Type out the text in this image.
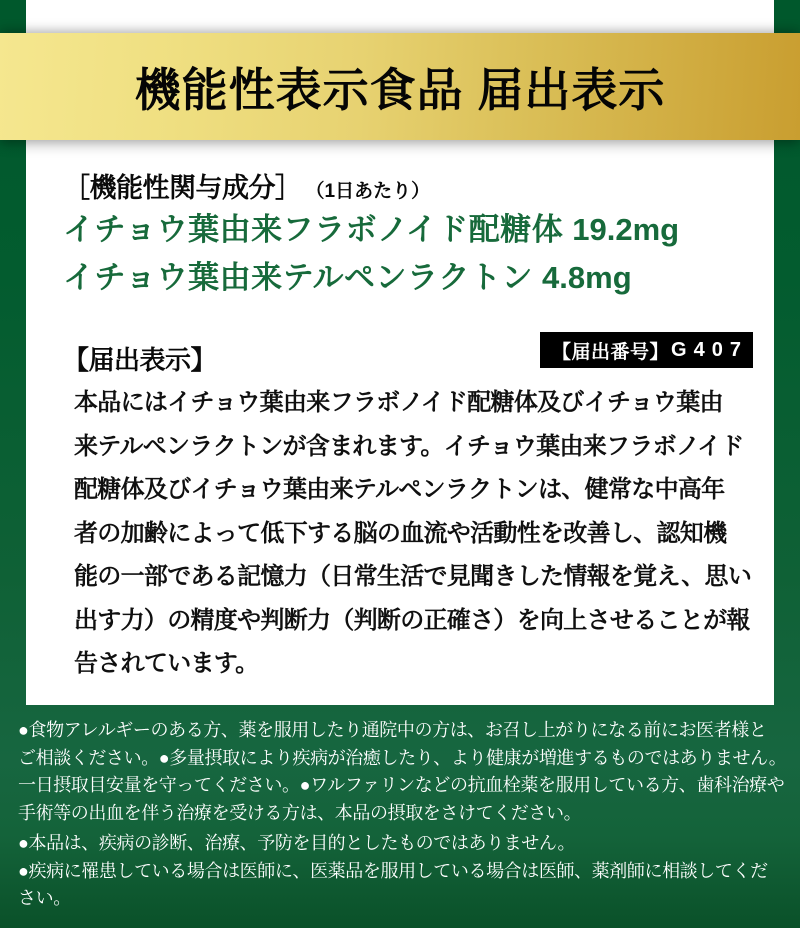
機能性表示食品 届出表示
［機能性関与成分］ （1日あたり）
イチョウ葉由来フラボノイド配糖体 19.2mg
イチョウ葉由来テルペンラクトン 4.8mg
【届出表示】	【届出番号】 G407
本品にはイチョウ葉由来フラボノイド配糖体及びイチョウ葉由
来テルペンラクトンが含まれます。イチョウ葉由来フラボノイド
配糖体及びイチョウ葉由来テルペンラクトンは、健常な中高年
者の加齢によって低下する脳の血流や活動性を改善し、認知機
能の一部である記憶力（日常生活で見聞きした情報を覚え、思い
出す力）の精度や判断力（判断の正確さ）を向上させることが報
告されています。
●食物アレルギーのある方、薬を服用したり通院中の方は、お召し上がりになる前にお医者様と
ご相談ください。●多量摂取により疾病が治癒したり、より健康が増進するものではありません。
一日摂取目安量を守ってください。●ワルファリンなどの抗血栓薬を服用している方、歯科治療や
手術等の出血を伴う治療を受ける方は、本品の摂取をさけてください。
●本品は、疾病の診断、治療、予防を目的としたものではありません。
●疾病に罹患している場合は医師に、医薬品を服用している場合は医師、薬剤師に相談してくだ
さい。
